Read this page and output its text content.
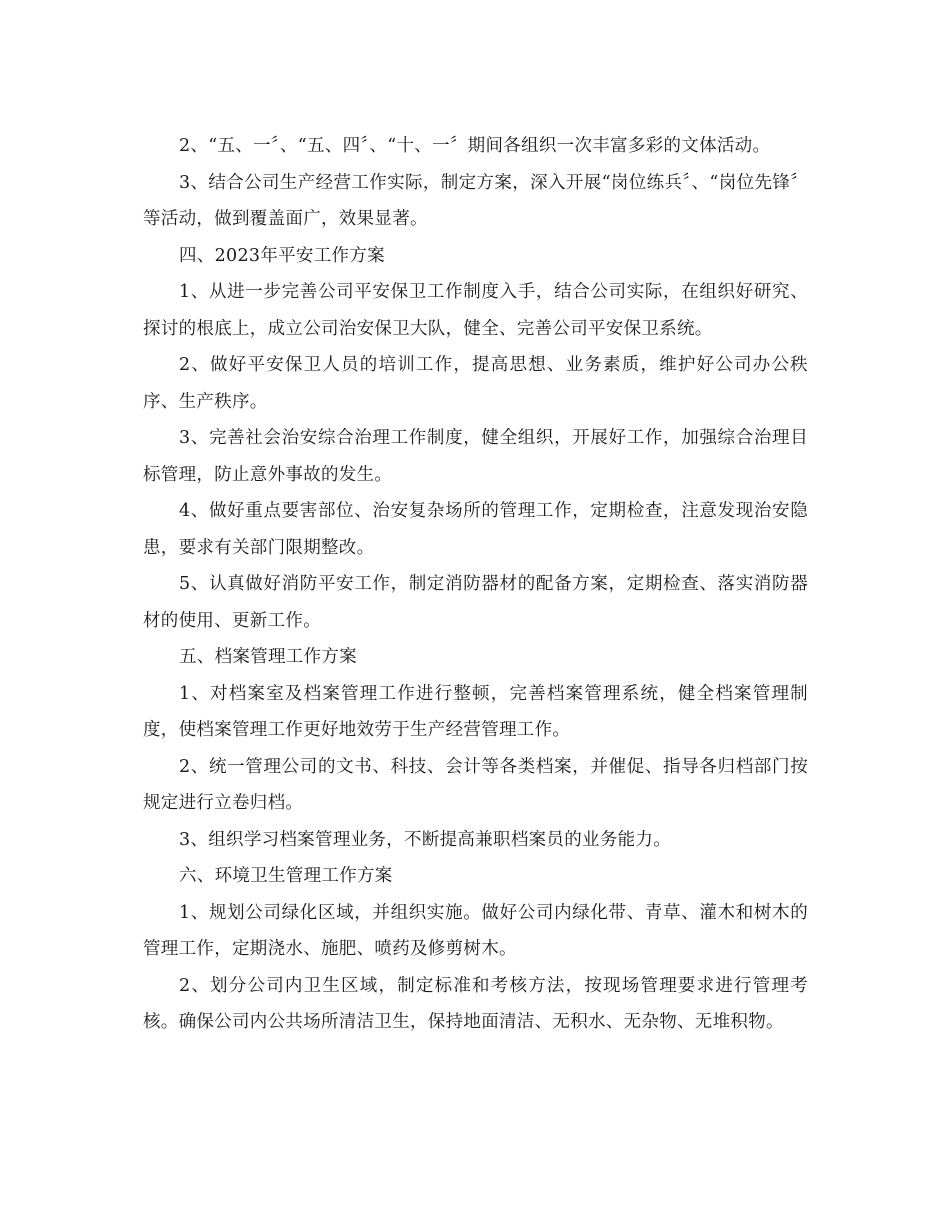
2、“五、一〞、“五、四〞、“十、一〞期间各组织一次丰富多彩的文体活动。

3、结合公司生产经营工作实际，制定方案，深入开展“岗位练兵〞、“岗位先锋〞等活动，做到覆盖面广，效果显著。

四、2023年平安工作方案

1、从进一步完善公司平安保卫工作制度入手，结合公司实际，在组织好研究、探讨的根底上，成立公司治安保卫大队，健全、完善公司平安保卫系统。

2、做好平安保卫人员的培训工作，提高思想、业务素质，维护好公司办公秩序、生产秩序。

3、完善社会治安综合治理工作制度，健全组织，开展好工作，加强综合治理目标管理，防止意外事故的发生。

4、做好重点要害部位、治安复杂场所的管理工作，定期检查，注意发现治安隐患，要求有关部门限期整改。

5、认真做好消防平安工作，制定消防器材的配备方案，定期检查、落实消防器材的使用、更新工作。

五、档案管理工作方案

1、对档案室及档案管理工作进行整顿，完善档案管理系统，健全档案管理制度，使档案管理工作更好地效劳于生产经营管理工作。

2、统一管理公司的文书、科技、会计等各类档案，并催促、指导各归档部门按规定进行立卷归档。

3、组织学习档案管理业务，不断提高兼职档案员的业务能力。

六、环境卫生管理工作方案

1、规划公司绿化区域，并组织实施。做好公司内绿化带、青草、灌木和树木的管理工作，定期浇水、施肥、喷药及修剪树木。

2、划分公司内卫生区域，制定标准和考核方法，按现场管理要求进行管理考核。确保公司内公共场所清洁卫生，保持地面清洁、无积水、无杂物、无堆积物。
